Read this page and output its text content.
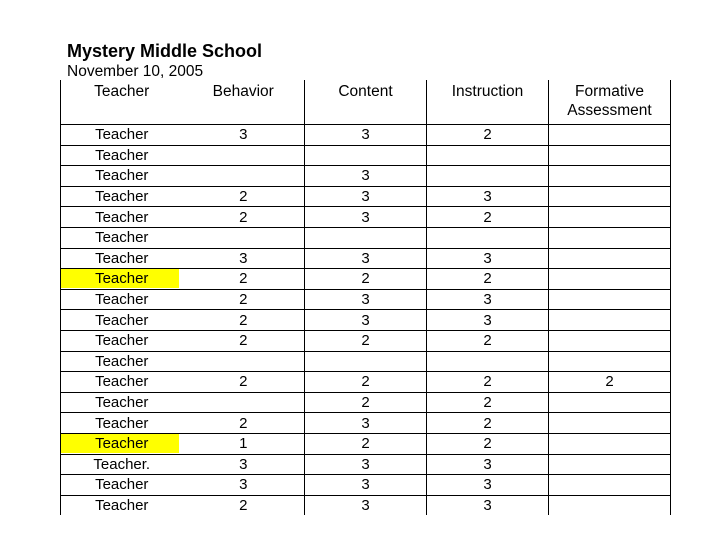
Mystery Middle School
November 10, 2005
Teacher	Behavior	Content	Instruction	Formative Assessment
Teacher	3	3	2	
Teacher				
Teacher		3		
Teacher	2	3	3	
Teacher	2	3	2	
Teacher				
Teacher	3	3	3	
Teacher	2	2	2	
Teacher	2	3	3	
Teacher	2	3	3	
Teacher	2	2	2	
Teacher				
Teacher	2	2	2	2
Teacher		2	2	
Teacher	2	3	2	
Teacher	1	2	2	
Teacher.	3	3	3	
Teacher	3	3	3	
Teacher	2	3	3	
